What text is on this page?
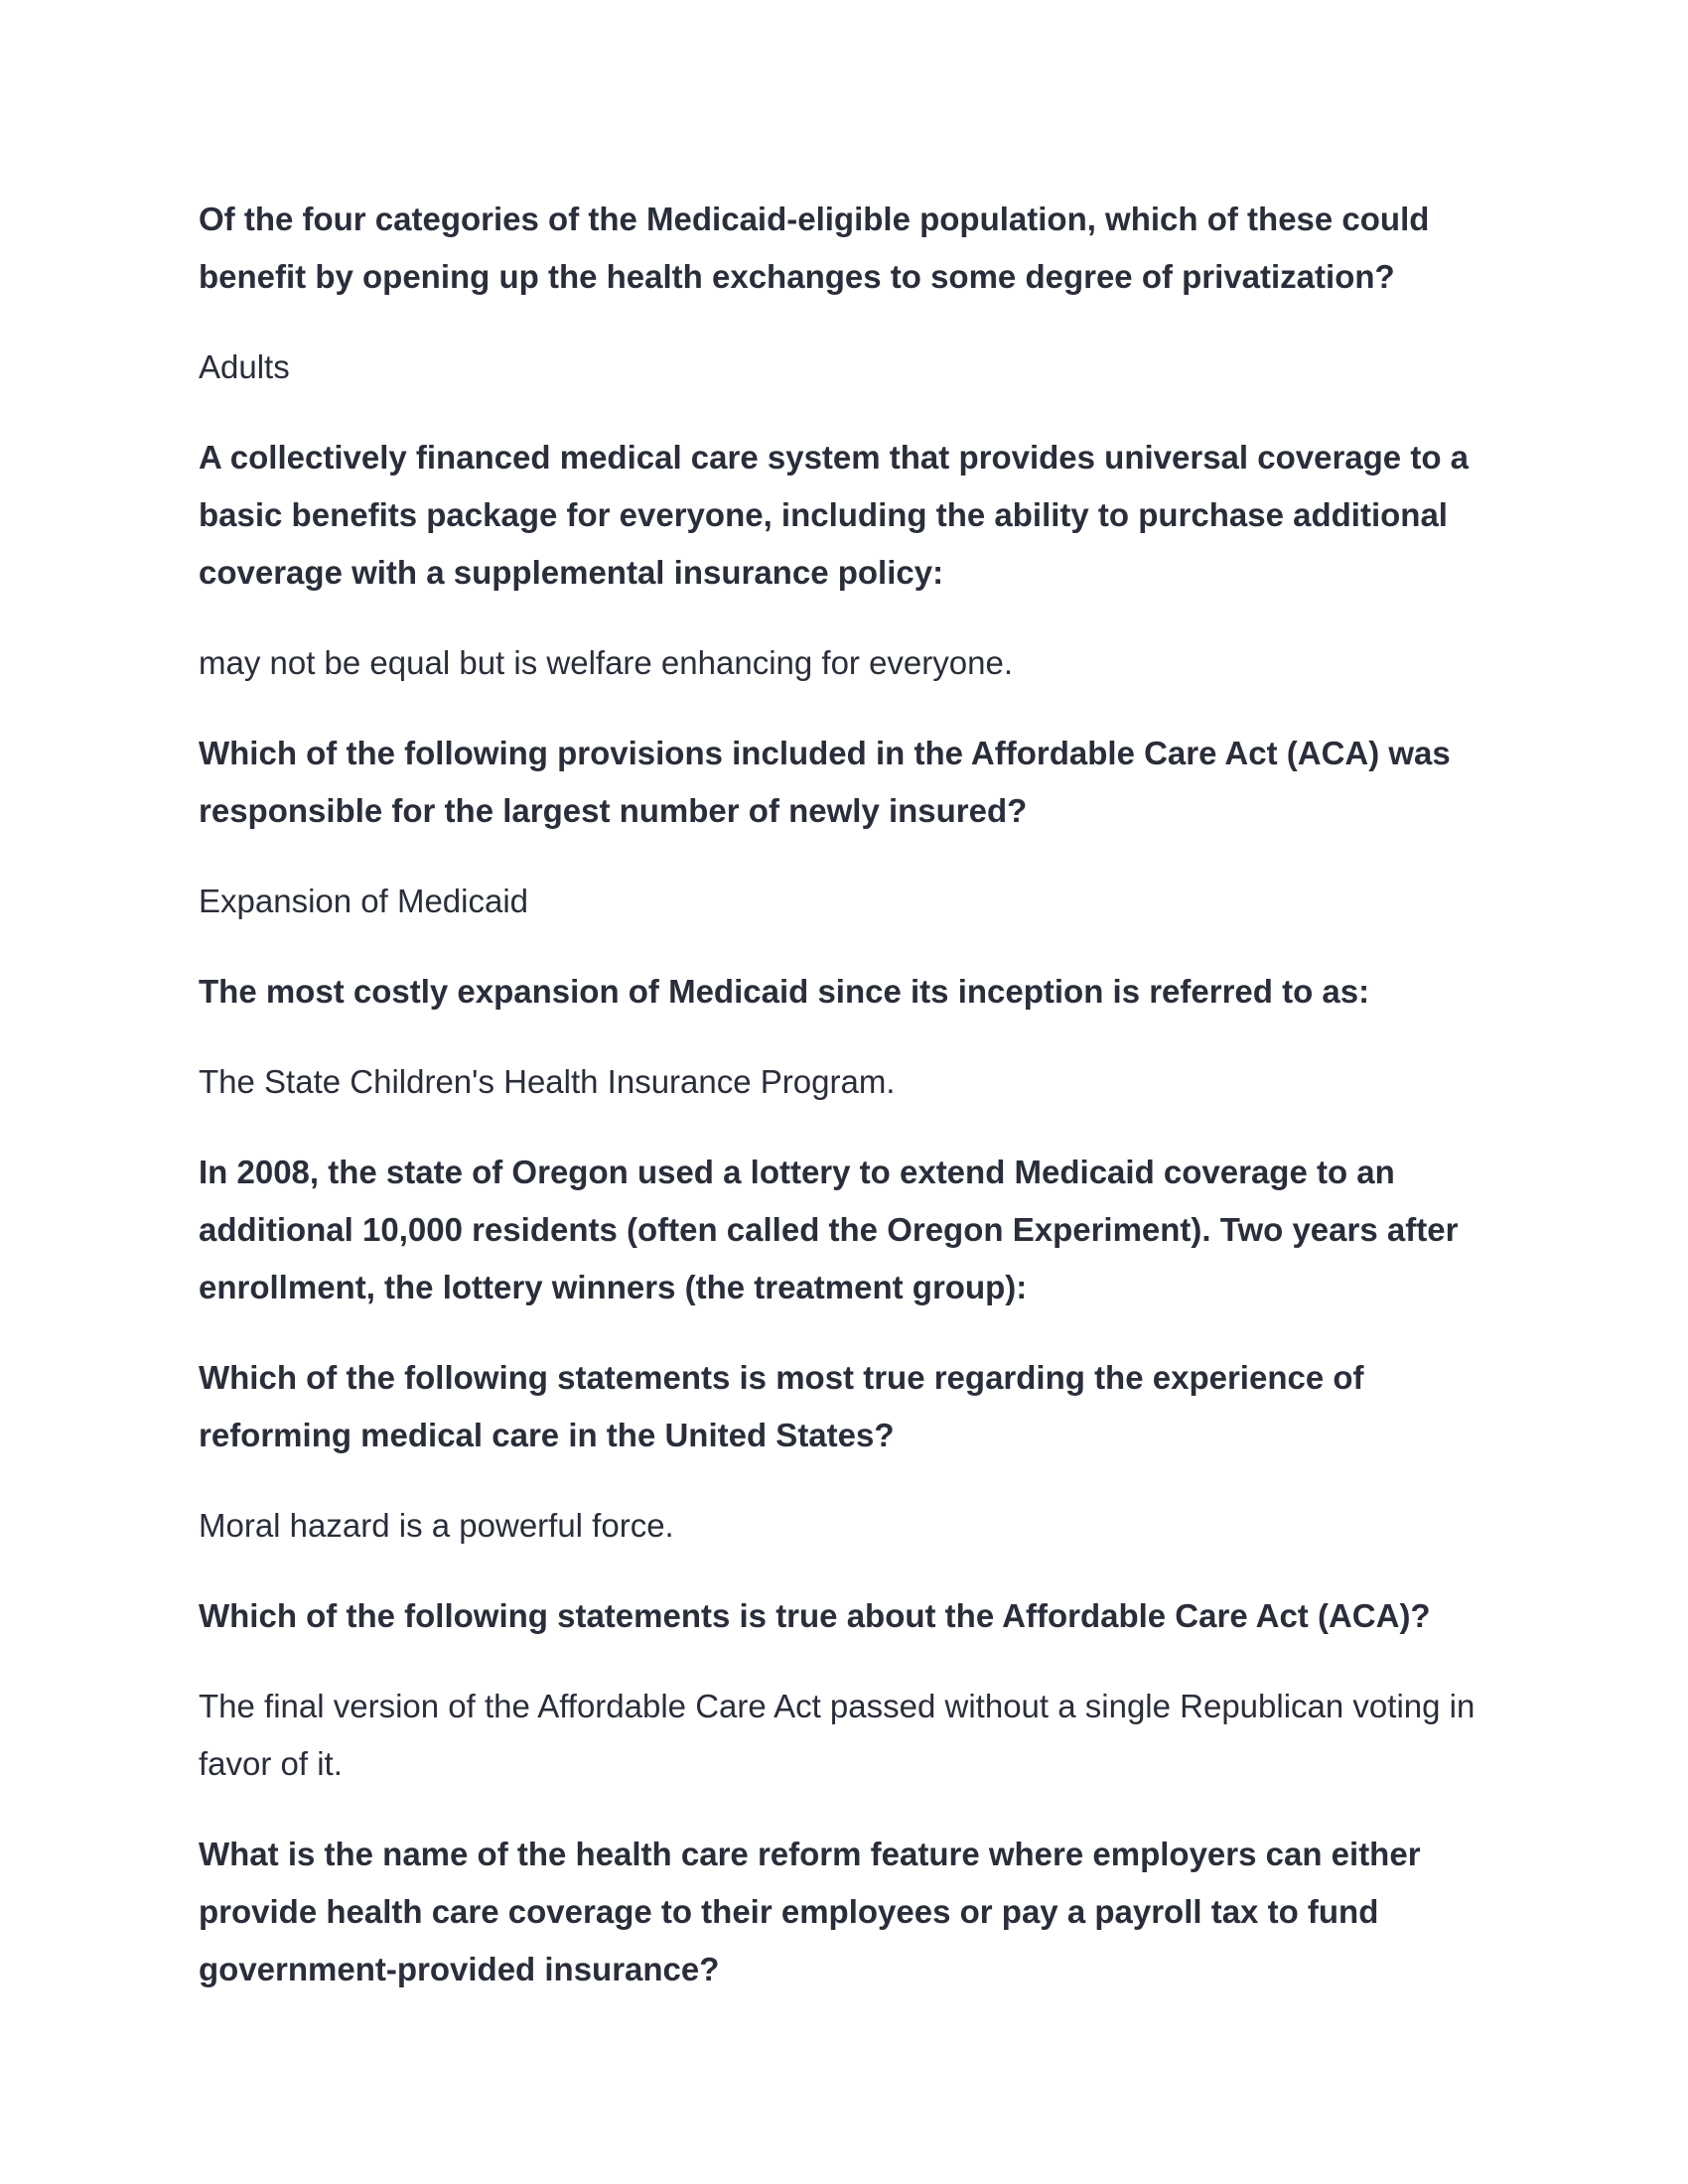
Of the four categories of the Medicaid-eligible population, which of these could benefit by opening up the health exchanges to some degree of privatization?

Adults

A collectively financed medical care system that provides universal coverage to a basic benefits package for everyone, including the ability to purchase additional coverage with a supplemental insurance policy:

may not be equal but is welfare enhancing for everyone.

Which of the following provisions included in the Affordable Care Act (ACA) was responsible for the largest number of newly insured?

Expansion of Medicaid

The most costly expansion of Medicaid since its inception is referred to as:

The State Children's Health Insurance Program.

In 2008, the state of Oregon used a lottery to extend Medicaid coverage to an additional 10,000 residents (often called the Oregon Experiment). Two years after enrollment, the lottery winners (the treatment group):

Which of the following statements is most true regarding the experience of reforming medical care in the United States?

Moral hazard is a powerful force.

Which of the following statements is true about the Affordable Care Act (ACA)?

The final version of the Affordable Care Act passed without a single Republican voting in favor of it.

What is the name of the health care reform feature where employers can either provide health care coverage to their employees or pay a payroll tax to fund government-provided insurance?
